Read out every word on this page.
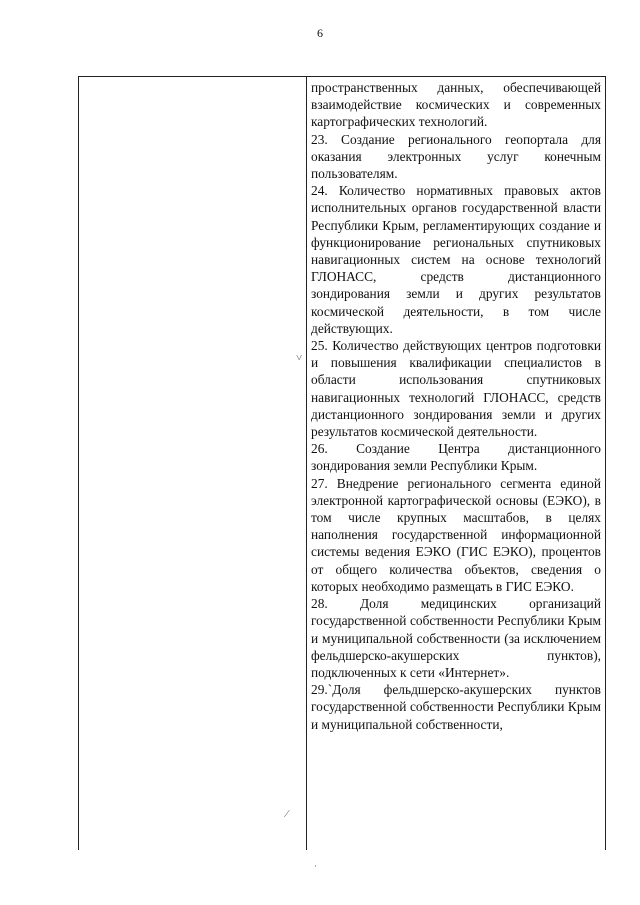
6

пространственных данных, обеспечивающей взаимодействие космических и современных картографических технологий.

23. Создание регионального геопортала для оказания электронных услуг конечным пользователям.

24. Количество нормативных правовых актов исполнительных органов государственной власти Республики Крым, регламентирующих создание и функционирование региональных спутниковых навигационных систем на основе технологий ГЛОНАСС, средств дистанционного зондирования земли и других результатов космической деятельности, в том числе действующих.

25. Количество действующих центров подготовки и повышения квалификации специалистов в области использования спутниковых навигационных технологий ГЛОНАСС, средств дистанционного зондирования земли и других результатов космической деятельности.

26. Создание Центра дистанционного зондирования земли Республики Крым.

27. Внедрение регионального сегмента единой электронной картографической основы (ЕЭКО), в том числе крупных масштабов, в целях наполнения государственной информационной системы ведения ЕЭКО (ГИС ЕЭКО), процентов от общего количества объектов, сведения о которых необходимо размещать в ГИС ЕЭКО.

28. Доля медицинских организаций государственной собственности Республики Крым и муниципальной собственности (за исключением фельдшерско-акушерских пунктов), подключенных к сети «Интернет».

29.`Доля фельдшерско-акушерских пунктов государственной собственности Республики Крым и муниципальной собственности,

˅
⁄
·
